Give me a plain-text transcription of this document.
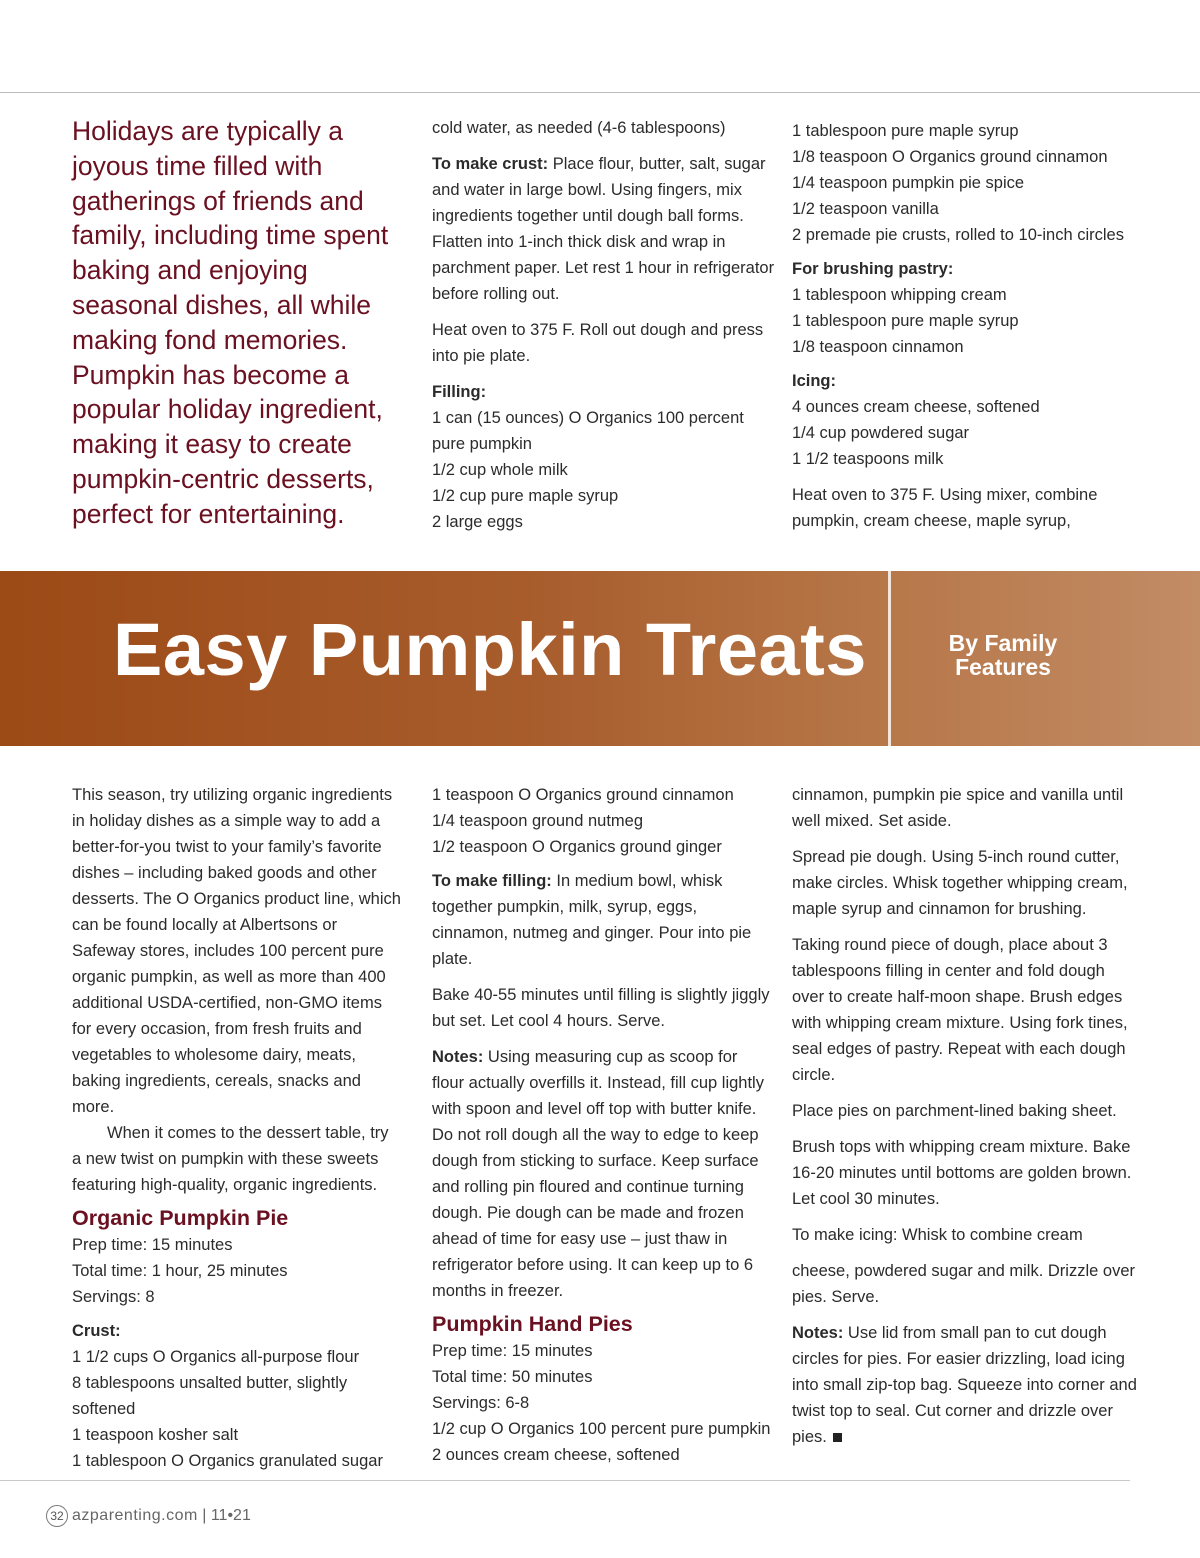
Holidays are typically a joyous time filled with gatherings of friends and family, including time spent baking and enjoying seasonal dishes, all while making fond memories. Pumpkin has become a popular holiday ingredient, making it easy to create pumpkin-centric desserts, perfect for entertaining.

cold water, as needed (4-6 tablespoons)

To make crust: Place flour, butter, salt, sugar and water in large bowl. Using fingers, mix ingredients together until dough ball forms. Flatten into 1-inch thick disk and wrap in parchment paper. Let rest 1 hour in refrigerator before rolling out.

Heat oven to 375 F. Roll out dough and press into pie plate.

Filling:
1 can (15 ounces) O Organics 100 percent pure pumpkin
1/2 cup whole milk
1/2 cup pure maple syrup
2 large eggs
1 tablespoon pure maple syrup
1/8 teaspoon O Organics ground cinnamon
1/4 teaspoon pumpkin pie spice
1/2 teaspoon vanilla
2 premade pie crusts, rolled to 10-inch circles
For brushing pastry:
1 tablespoon whipping cream
1 tablespoon pure maple syrup
1/8 teaspoon cinnamon
Icing:
4 ounces cream cheese, softened
1/4 cup powdered sugar
1 1/2 teaspoons milk

Heat oven to 375 F. Using mixer, combine pumpkin, cream cheese, maple syrup,

Easy Pumpkin Treats	By Family
Features
This season, try utilizing organic ingredients in holiday dishes as a simple way to add a better-for-you twist to your family’s favorite dishes – including baked goods and other desserts. The O Organics product line, which can be found locally at Albertsons or Safeway stores, includes 100 percent pure organic pumpkin, as well as more than 400 additional USDA-certified, non-GMO items for every occasion, from fresh fruits and vegetables to wholesome dairy, meats, baking ingredients, cereals, snacks and more.
When it comes to the dessert table, try a new twist on pumpkin with these sweets featuring high-quality, organic ingredients.
Organic Pumpkin Pie
Prep time: 15 minutes
Total time: 1 hour, 25 minutes
Servings: 8
Crust:
1 1/2 cups O Organics all-purpose flour
8 tablespoons unsalted butter, slightly softened
1 teaspoon kosher salt
1 tablespoon O Organics granulated sugar
1 teaspoon O Organics ground cinnamon
1/4 teaspoon ground nutmeg
1/2 teaspoon O Organics ground ginger

To make filling: In medium bowl, whisk together pumpkin, milk, syrup, eggs, cinnamon, nutmeg and ginger. Pour into pie plate.

Bake 40-55 minutes until filling is slightly jiggly but set. Let cool 4 hours. Serve.

Notes: Using measuring cup as scoop for flour actually overfills it. Instead, fill cup lightly with spoon and level off top with butter knife. Do not roll dough all the way to edge to keep dough from sticking to surface. Keep surface and rolling pin floured and continue turning dough. Pie dough can be made and frozen ahead of time for easy use – just thaw in refrigerator before using. It can keep up to 6 months in freezer.

Pumpkin Hand Pies
Prep time: 15 minutes
Total time: 50 minutes
Servings: 6-8
1/2 cup O Organics 100 percent pure pumpkin
2 ounces cream cheese, softened

cinnamon, pumpkin pie spice and vanilla until well mixed. Set aside.

Spread pie dough. Using 5-inch round cutter, make circles. Whisk together whipping cream, maple syrup and cinnamon for brushing.

Taking round piece of dough, place about 3 tablespoons filling in center and fold dough over to create half-moon shape. Brush edges with whipping cream mixture. Using fork tines, seal edges of pastry. Repeat with each dough circle.

Place pies on parchment-lined baking sheet.

Brush tops with whipping cream mixture. Bake 16-20 minutes until bottoms are golden brown. Let cool 30 minutes.

To make icing: Whisk to combine cream

cheese, powdered sugar and milk. Drizzle over pies. Serve.

Notes: Use lid from small pan to cut dough circles for pies. For easier drizzling, load icing into small zip-top bag. Squeeze into corner and twist top to seal. Cut corner and drizzle over pies.

32 azparenting.com | 11•21
